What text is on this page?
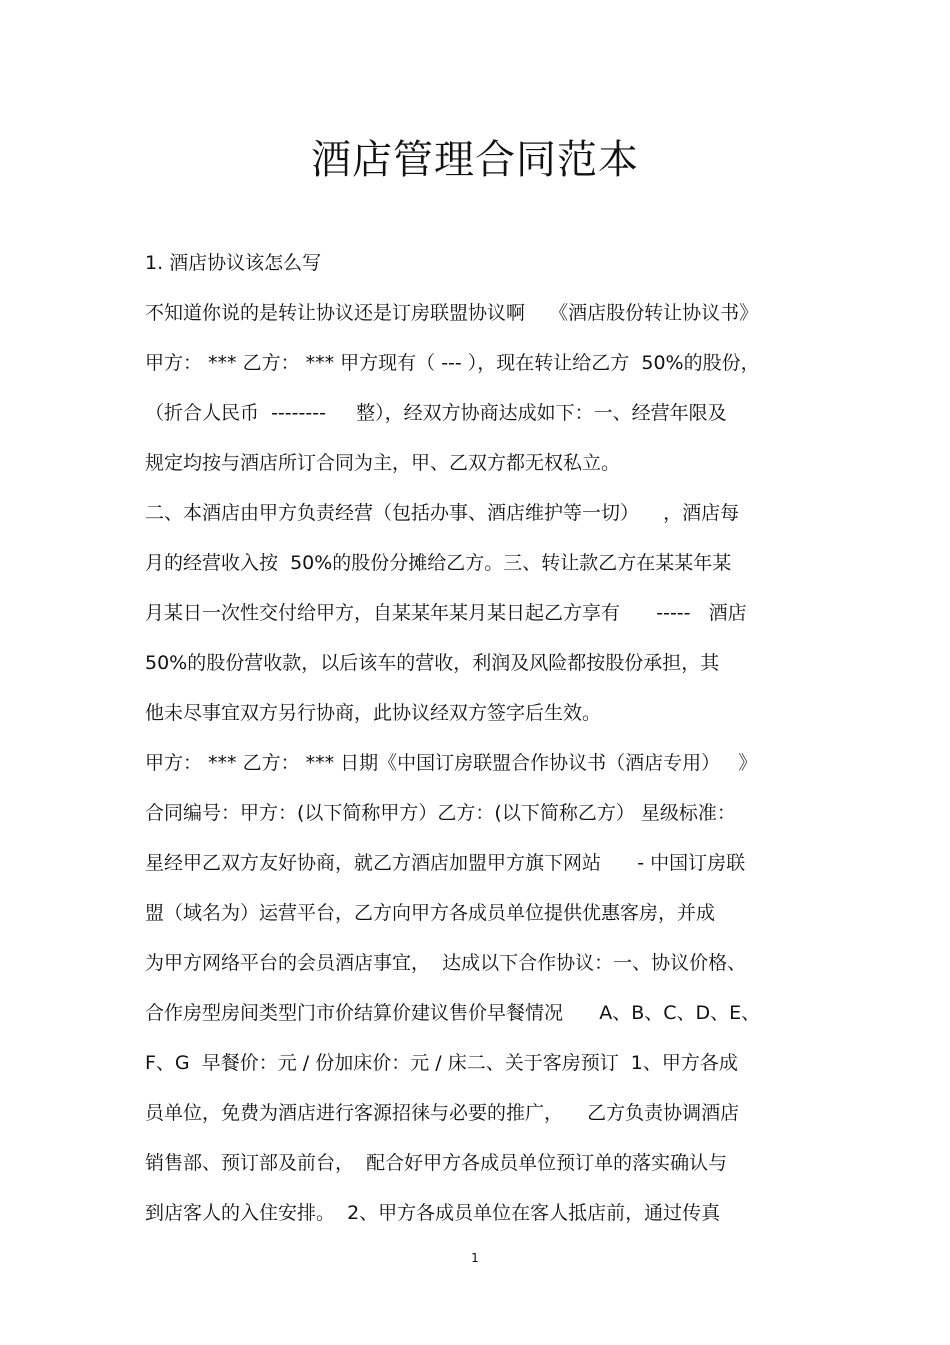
酒店管理合同范本
1. 酒店协议该怎么写
不知道你说的是转让协议还是订房联盟协议啊    《酒店股份转让协议书》
甲方： *** 乙方： *** 甲方现有（ --- ），现在转让给乙方  50%的股份，
（折合人民币  --------     整），经双方协商达成如下：一、经营年限及
规定均按与酒店所订合同为主，甲、乙双方都无权私立。
二、本酒店由甲方负责经营（包括办事、酒店维护等一切）    ，酒店每
月的经营收入按  50%的股份分摊给乙方。三、转让款乙方在某某年某
月某日一次性交付给甲方，自某某年某月某日起乙方享有      -----   酒店
50%的股份营收款，以后该车的营收，利润及风险都按股份承担，其
他未尽事宜双方另行协商，此协议经双方签字后生效。
甲方： *** 乙方： *** 日期《中国订房联盟合作协议书（酒店专用）   》
合同编号：甲方：(以下简称甲方）乙方：(以下简称乙方） 星级标准：
星经甲乙双方友好协商，就乙方酒店加盟甲方旗下网站      - 中国订房联
盟（域名为）运营平台，乙方向甲方各成员单位提供优惠客房，并成
为甲方网络平台的会员酒店事宜，  达成以下合作协议：一、协议价格、
合作房型房间类型门市价结算价建议售价早餐情况      A、B、C、D、E、
F、G  早餐价：元 / 份加床价：元 / 床二、关于客房预订  1、甲方各成
员单位，免费为酒店进行客源招徕与必要的推广，    乙方负责协调酒店
销售部、预订部及前台，  配合好甲方各成员单位预订单的落实确认与
到店客人的入住安排。  2、甲方各成员单位在客人抵店前，通过传真
1
